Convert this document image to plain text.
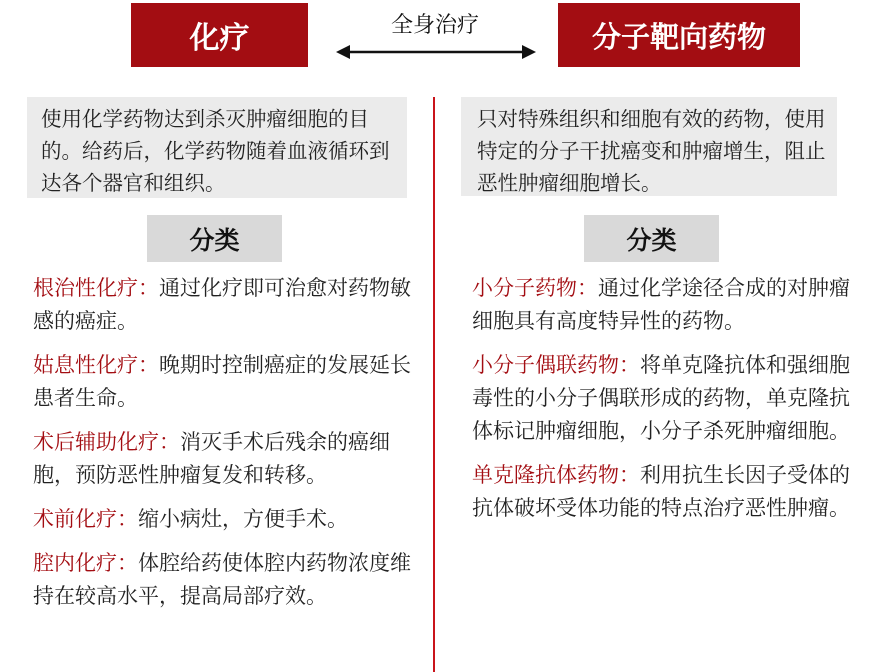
化疗	全身治疗	分子靶向药物
使用化学药物达到杀灭肿瘤细胞的目的。给药后，化学药物随着血液循环到达各个器官和组织。
只对特殊组织和细胞有效的药物，使用特定的分子干扰癌变和肿瘤增生，阻止恶性肿瘤细胞增长。
分类	分类
根治性化疗：通过化疗即可治愈对药物敏感的癌症。
姑息性化疗：晚期时控制癌症的发展延长患者生命。
术后辅助化疗：消灭手术后残余的癌细胞，预防恶性肿瘤复发和转移。
术前化疗：缩小病灶，方便手术。
腔内化疗：体腔给药使体腔内药物浓度维持在较高水平，提高局部疗效。
小分子药物：通过化学途径合成的对肿瘤细胞具有高度特异性的药物。
小分子偶联药物：将单克隆抗体和强细胞毒性的小分子偶联形成的药物，单克隆抗体标记肿瘤细胞，小分子杀死肿瘤细胞。
单克隆抗体药物：利用抗生长因子受体的抗体破坏受体功能的特点治疗恶性肿瘤。
